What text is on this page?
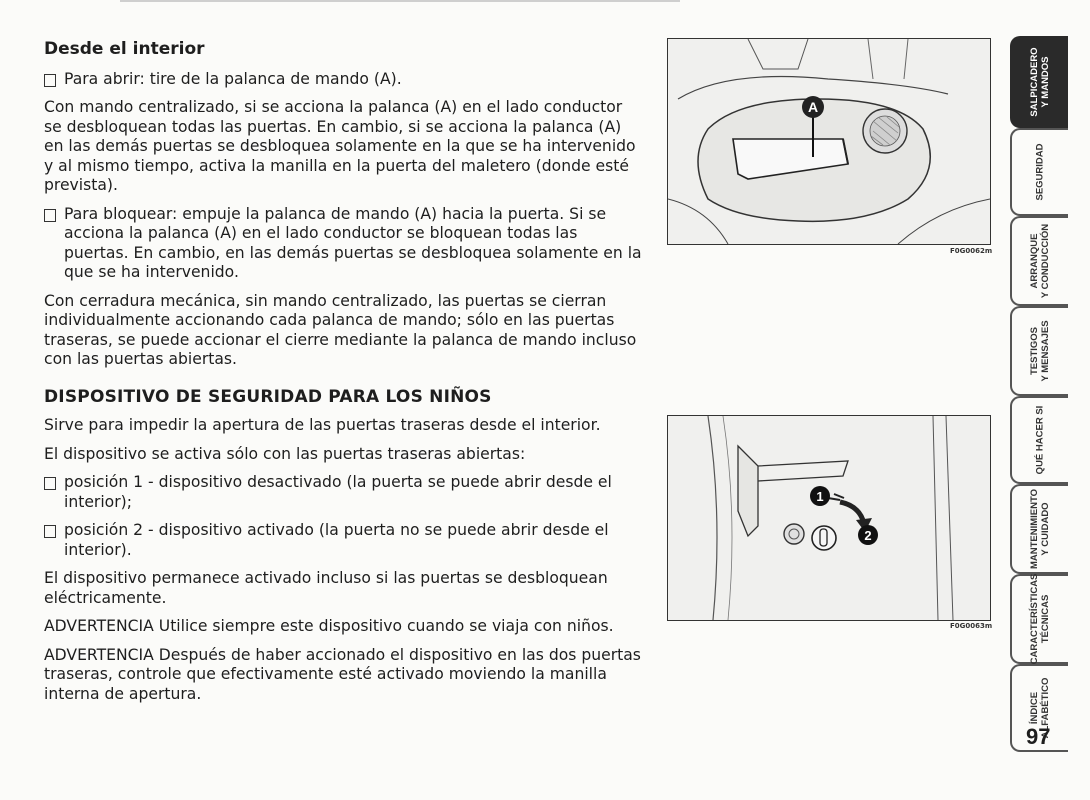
Desde el interior
Para abrir: tire de la palanca de mando (A).

Con mando centralizado, si se acciona la palanca (A) en el lado conductor se desbloquean todas las puertas. En cambio, si se acciona la palanca (A) en las demás puertas se desbloquea solamente en la que se ha intervenido y al mismo tiempo, activa la manilla en la puerta del maletero (donde esté prevista).

Para bloquear: empuje la palanca de mando (A) hacia la puerta. Si se acciona la palanca (A) en el lado conductor se bloquean todas las puertas. En cambio, en las demás puertas se desbloquea solamente en la que se ha intervenido.

Con cerradura mecánica, sin mando centralizado, las puertas se cierran individualmente accionando cada palanca de mando; sólo en las puertas traseras, se puede accionar el cierre mediante la palanca de mando incluso con las puertas abiertas.

DISPOSITIVO DE SEGURIDAD PARA LOS NIÑOS

Sirve para impedir la apertura de las puertas traseras desde el interior.

El dispositivo se activa sólo con las puertas traseras abiertas:

posición 1 - dispositivo desactivado (la puerta se puede abrir desde el interior);
posición 2 - dispositivo activado (la puerta no se puede abrir desde el interior).

El dispositivo permanece activado incluso si las puertas se desbloquean eléctricamente.

ADVERTENCIA Utilice siempre este dispositivo cuando se viaja con niños.

ADVERTENCIA Después de haber accionado el dispositivo en las dos puertas traseras, controle que efectivamente esté activado moviendo la manilla interna de apertura.

A
F0G0062m
1
2
F0G0063m
SALPICADERO Y MANDOS
SEGURIDAD
ARRANQUE Y CONDUCCIÓN
TESTIGOS Y MENSAJES
QUÉ HACER SI
MANTENIMIENTO Y CUIDADO
CARACTERÍSTICAS TÉCNICAS
ÍNDICE ALFABÉTICO
97
